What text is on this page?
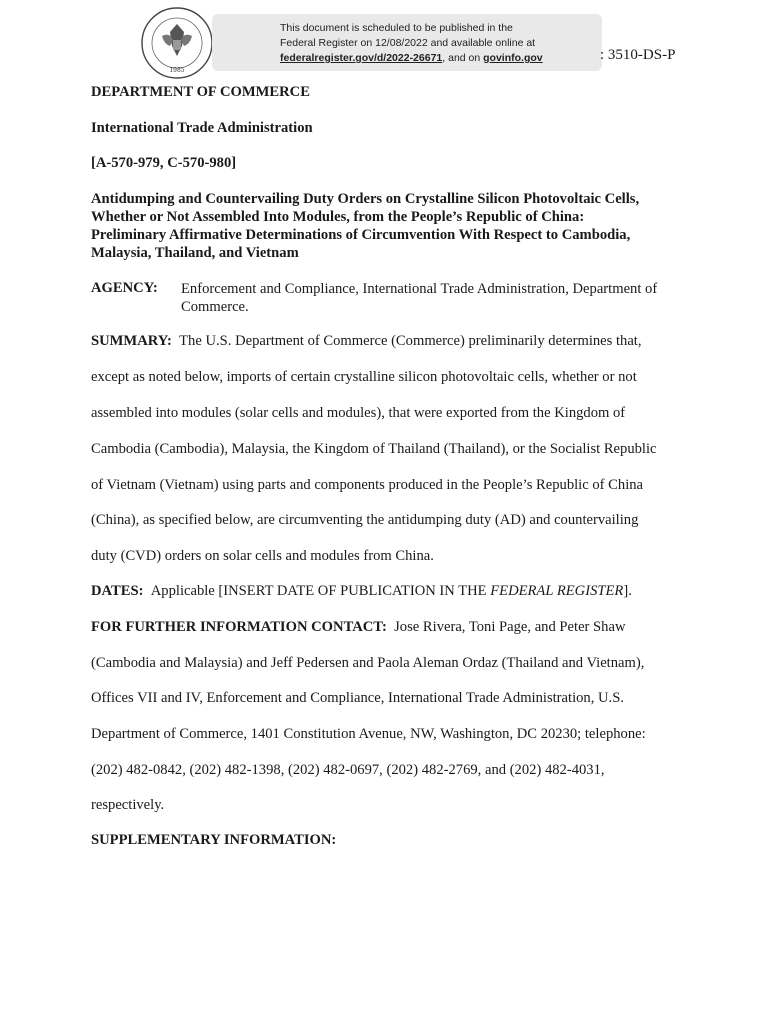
1985
This document is scheduled to be published in the
Federal Register on 12/08/2022 and available online at
federalregister.gov/d/2022-26671, and on govinfo.gov	: 3510-DS-P
DEPARTMENT OF COMMERCE
International Trade Administration
[A-570-979, C-570-980]
Antidumping and Countervailing Duty Orders on Crystalline Silicon Photovoltaic Cells,
Whether or Not Assembled Into Modules, from the People’s Republic of China:
Preliminary Affirmative Determinations of Circumvention With Respect to Cambodia,
Malaysia, Thailand, and Vietnam
AGENCY: Enforcement and Compliance, International Trade Administration, Department of
Commerce.
SUMMARY: The U.S. Department of Commerce (Commerce) preliminarily determines that,
except as noted below, imports of certain crystalline silicon photovoltaic cells, whether or not
assembled into modules (solar cells and modules), that were exported from the Kingdom of
Cambodia (Cambodia), Malaysia, the Kingdom of Thailand (Thailand), or the Socialist Republic
of Vietnam (Vietnam) using parts and components produced in the People’s Republic of China
(China), as specified below, are circumventing the antidumping duty (AD) and countervailing
duty (CVD) orders on solar cells and modules from China.
DATES: Applicable [INSERT DATE OF PUBLICATION IN THE FEDERAL REGISTER].
FOR FURTHER INFORMATION CONTACT: Jose Rivera, Toni Page, and Peter Shaw
(Cambodia and Malaysia) and Jeff Pedersen and Paola Aleman Ordaz (Thailand and Vietnam),
Offices VII and IV, Enforcement and Compliance, International Trade Administration, U.S.
Department of Commerce, 1401 Constitution Avenue, NW, Washington, DC 20230; telephone:
(202) 482-0842, (202) 482-1398, (202) 482-0697, (202) 482-2769, and (202) 482-4031,
respectively.
SUPPLEMENTARY INFORMATION:
